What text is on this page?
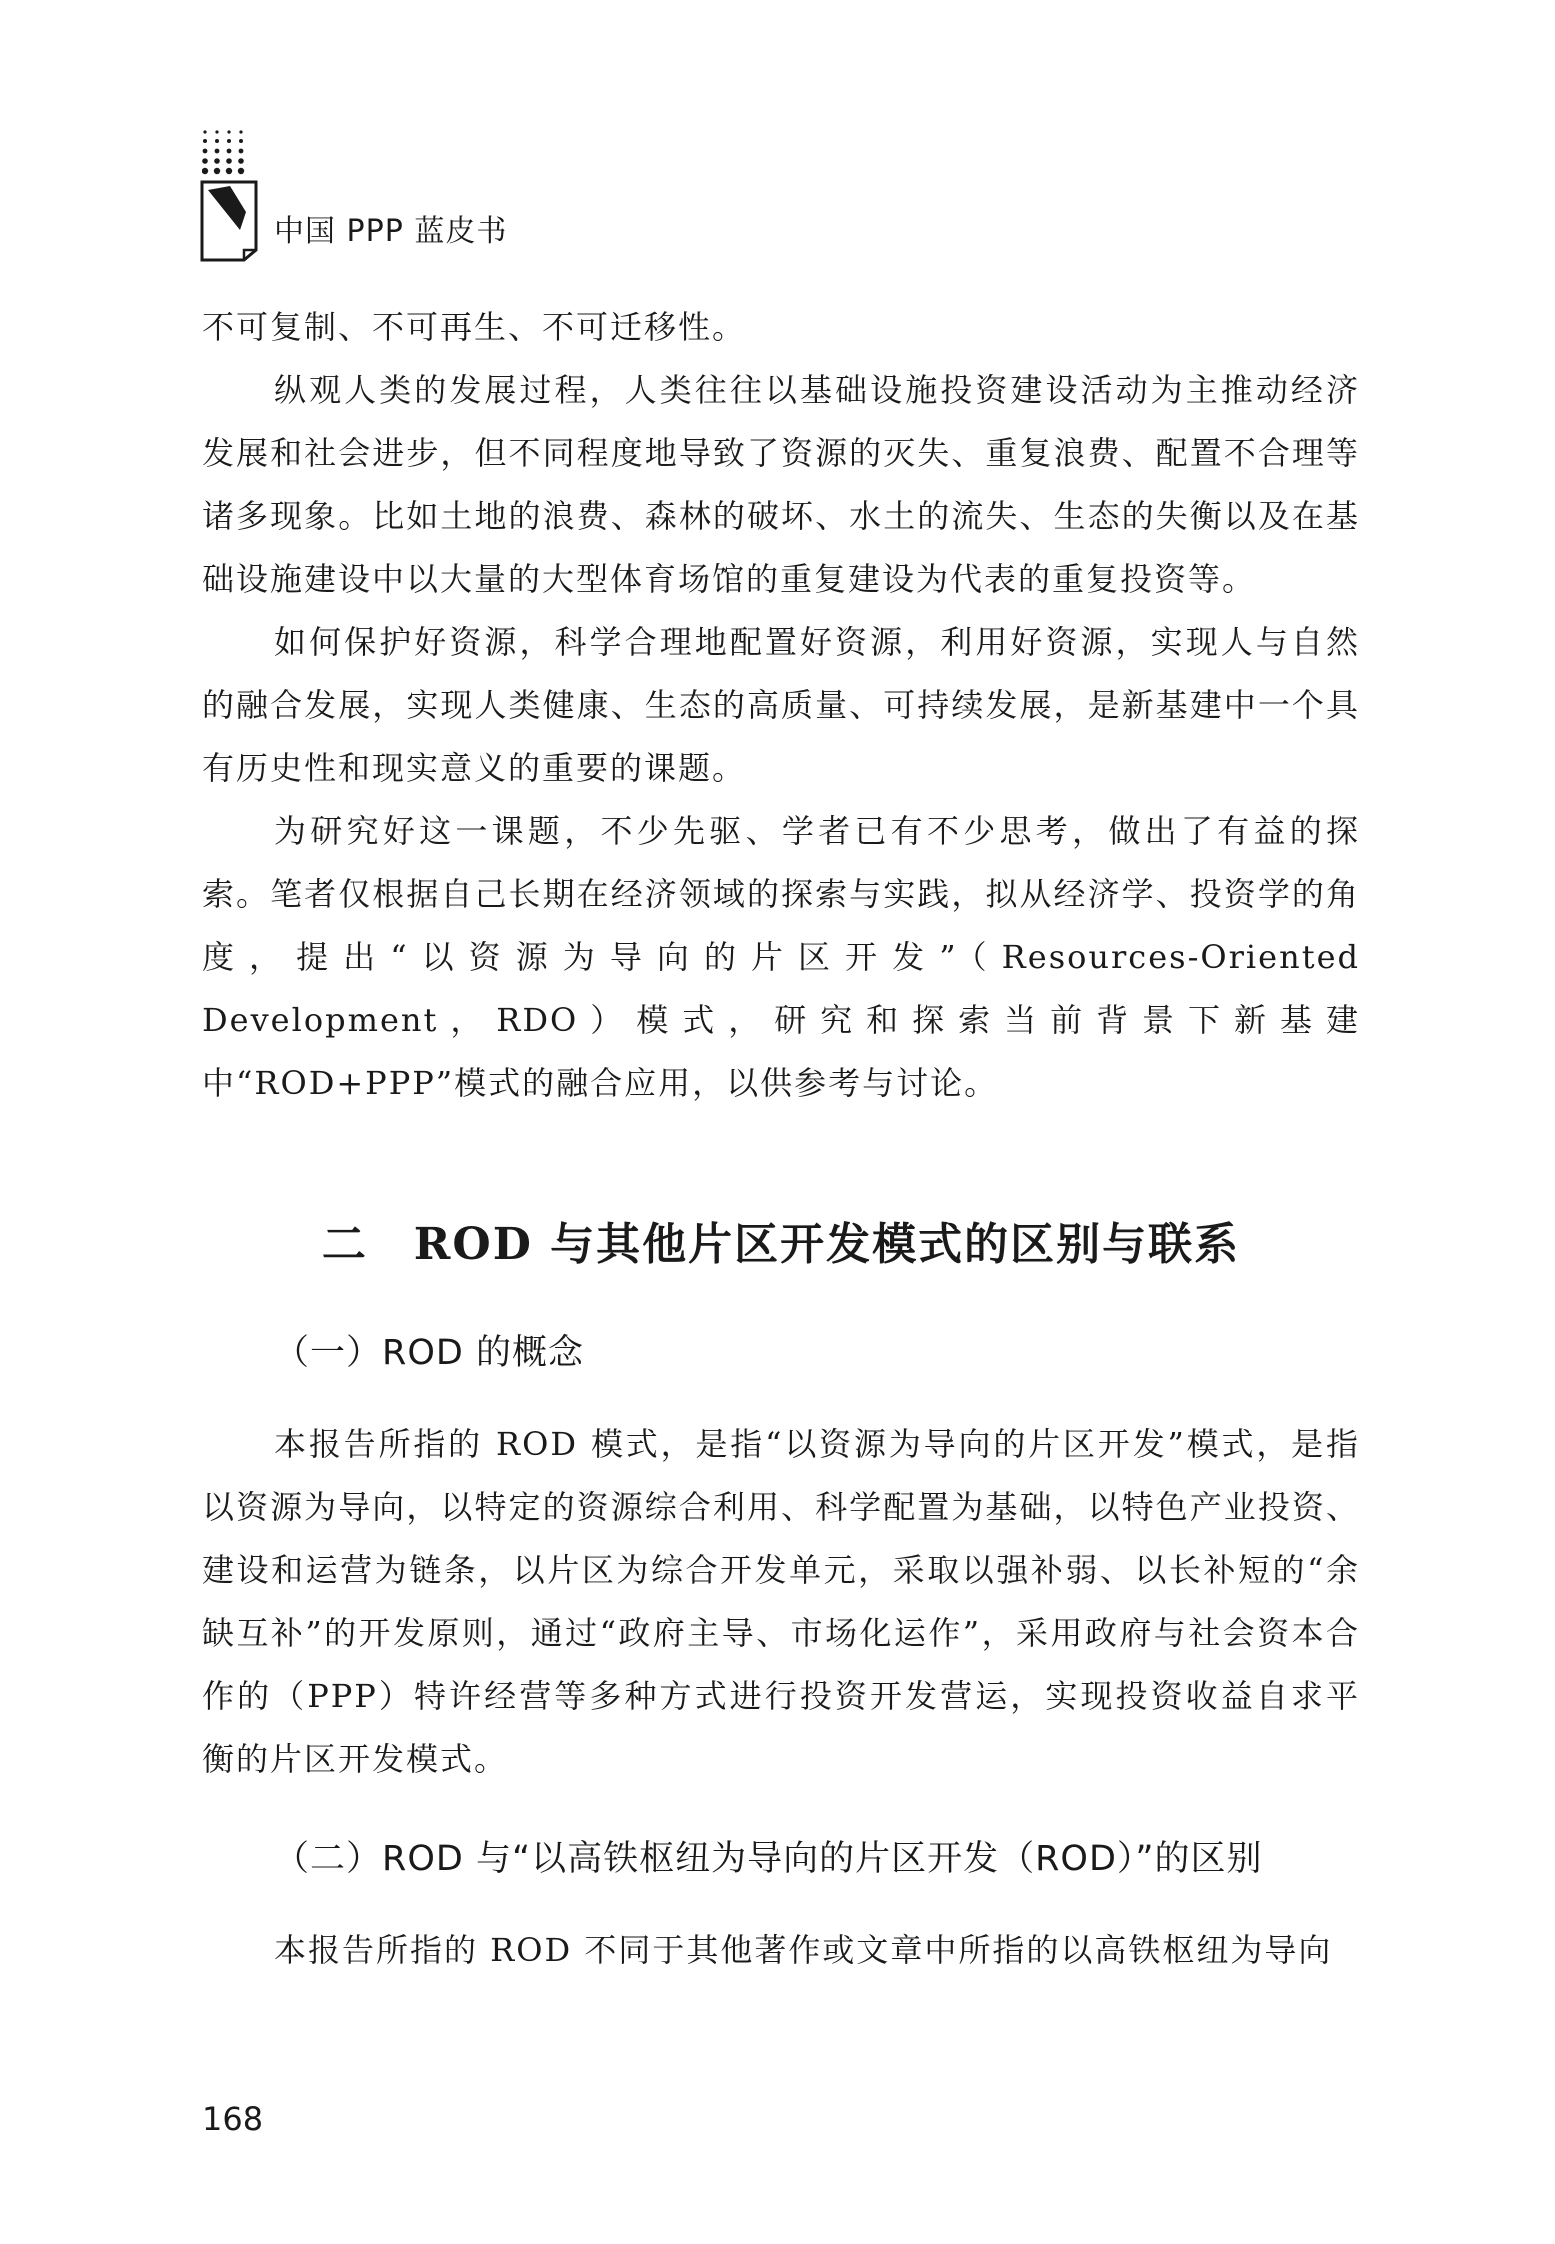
中国 PPP 蓝皮书

不可复制、不可再生、不可迁移性。

纵观人类的发展过程，人类往往以基础设施投资建设活动为主推动经济发展和社会进步，但不同程度地导致了资源的灭失、重复浪费、配置不合理等诸多现象。比如土地的浪费、森林的破坏、水土的流失、生态的失衡以及在基础设施建设中以大量的大型体育场馆的重复建设为代表的重复投资等。

如何保护好资源，科学合理地配置好资源，利用好资源，实现人与自然的融合发展，实现人类健康、生态的高质量、可持续发展，是新基建中一个具有历史性和现实意义的重要的课题。

为研究好这一课题，不少先驱、学者已有不少思考，做出了有益的探索。笔者仅根据自己长期在经济领域的探索与实践，拟从经济学、投资学的角度，提出“以资源为导向的片区开发”（Resources-Oriented Development，RDO）模式，研究和探索当前背景下新基建中“ROD+PPP”模式的融合应用，以供参考与讨论。

二　ROD 与其他片区开发模式的区别与联系
（一）ROD 的概念

本报告所指的 ROD 模式，是指“以资源为导向的片区开发”模式，是指以资源为导向，以特定的资源综合利用、科学配置为基础，以特色产业投资、建设和运营为链条，以片区为综合开发单元，采取以强补弱、以长补短的“余缺互补”的开发原则，通过“政府主导、市场化运作”，采用政府与社会资本合作的（PPP）特许经营等多种方式进行投资开发营运，实现投资收益自求平衡的片区开发模式。

（二）ROD 与“以高铁枢纽为导向的片区开发（ROD）”的区别

本报告所指的 ROD 不同于其他著作或文章中所指的以高铁枢纽为导向

168
